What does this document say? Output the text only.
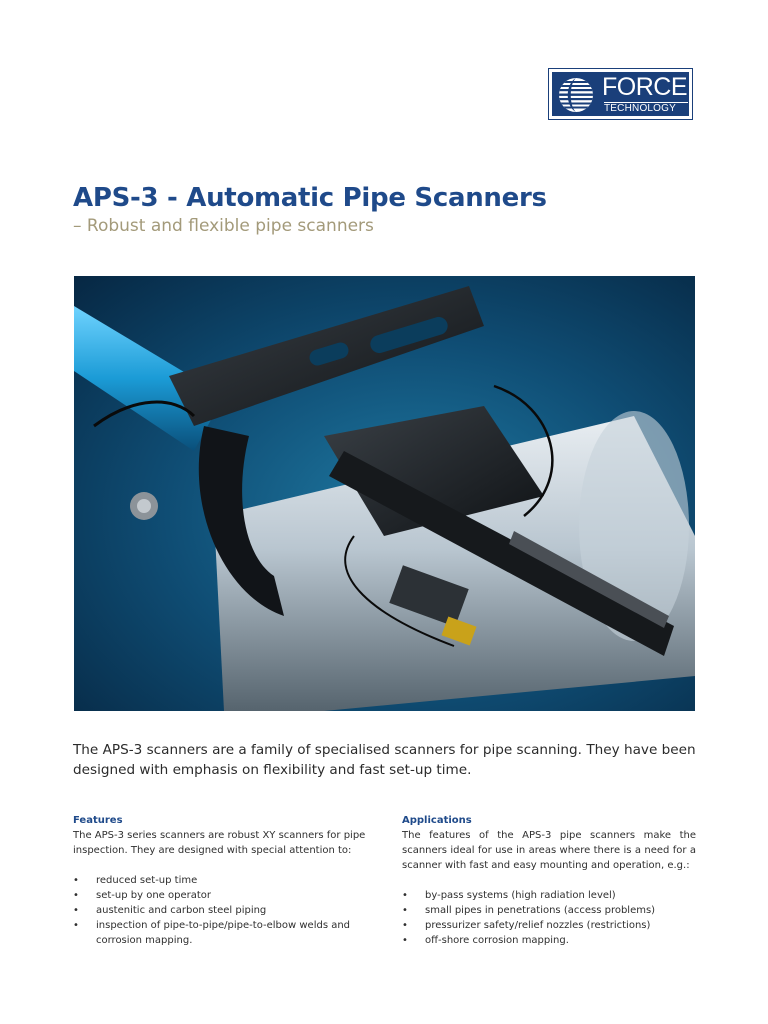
FORCE
TECHNOLOGY
APS-3 - Automatic Pipe Scanners
– Robust and flexible pipe scanners
The APS-3 scanners are a family of specialised scanners for pipe scanning. They have been designed with emphasis on flexibility and fast set-up time.
Features

The APS-3 series scanners are robust XY scanners for pipe inspection. They are designed with special attention to:

• reduced set-up time
• set-up by one operator
• austenitic and carbon steel piping
• inspection of pipe-to-pipe/pipe-to-elbow welds and corrosion mapping.
Applications

The features of the APS-3 pipe scanners make the scanners ideal for use in areas where there is a need for a scanner with fast and easy mounting and operation, e.g.:

• by-pass systems (high radiation level)
• small pipes in penetrations (access problems)
• pressurizer safety/relief nozzles (restrictions)
• off-shore corrosion mapping.
